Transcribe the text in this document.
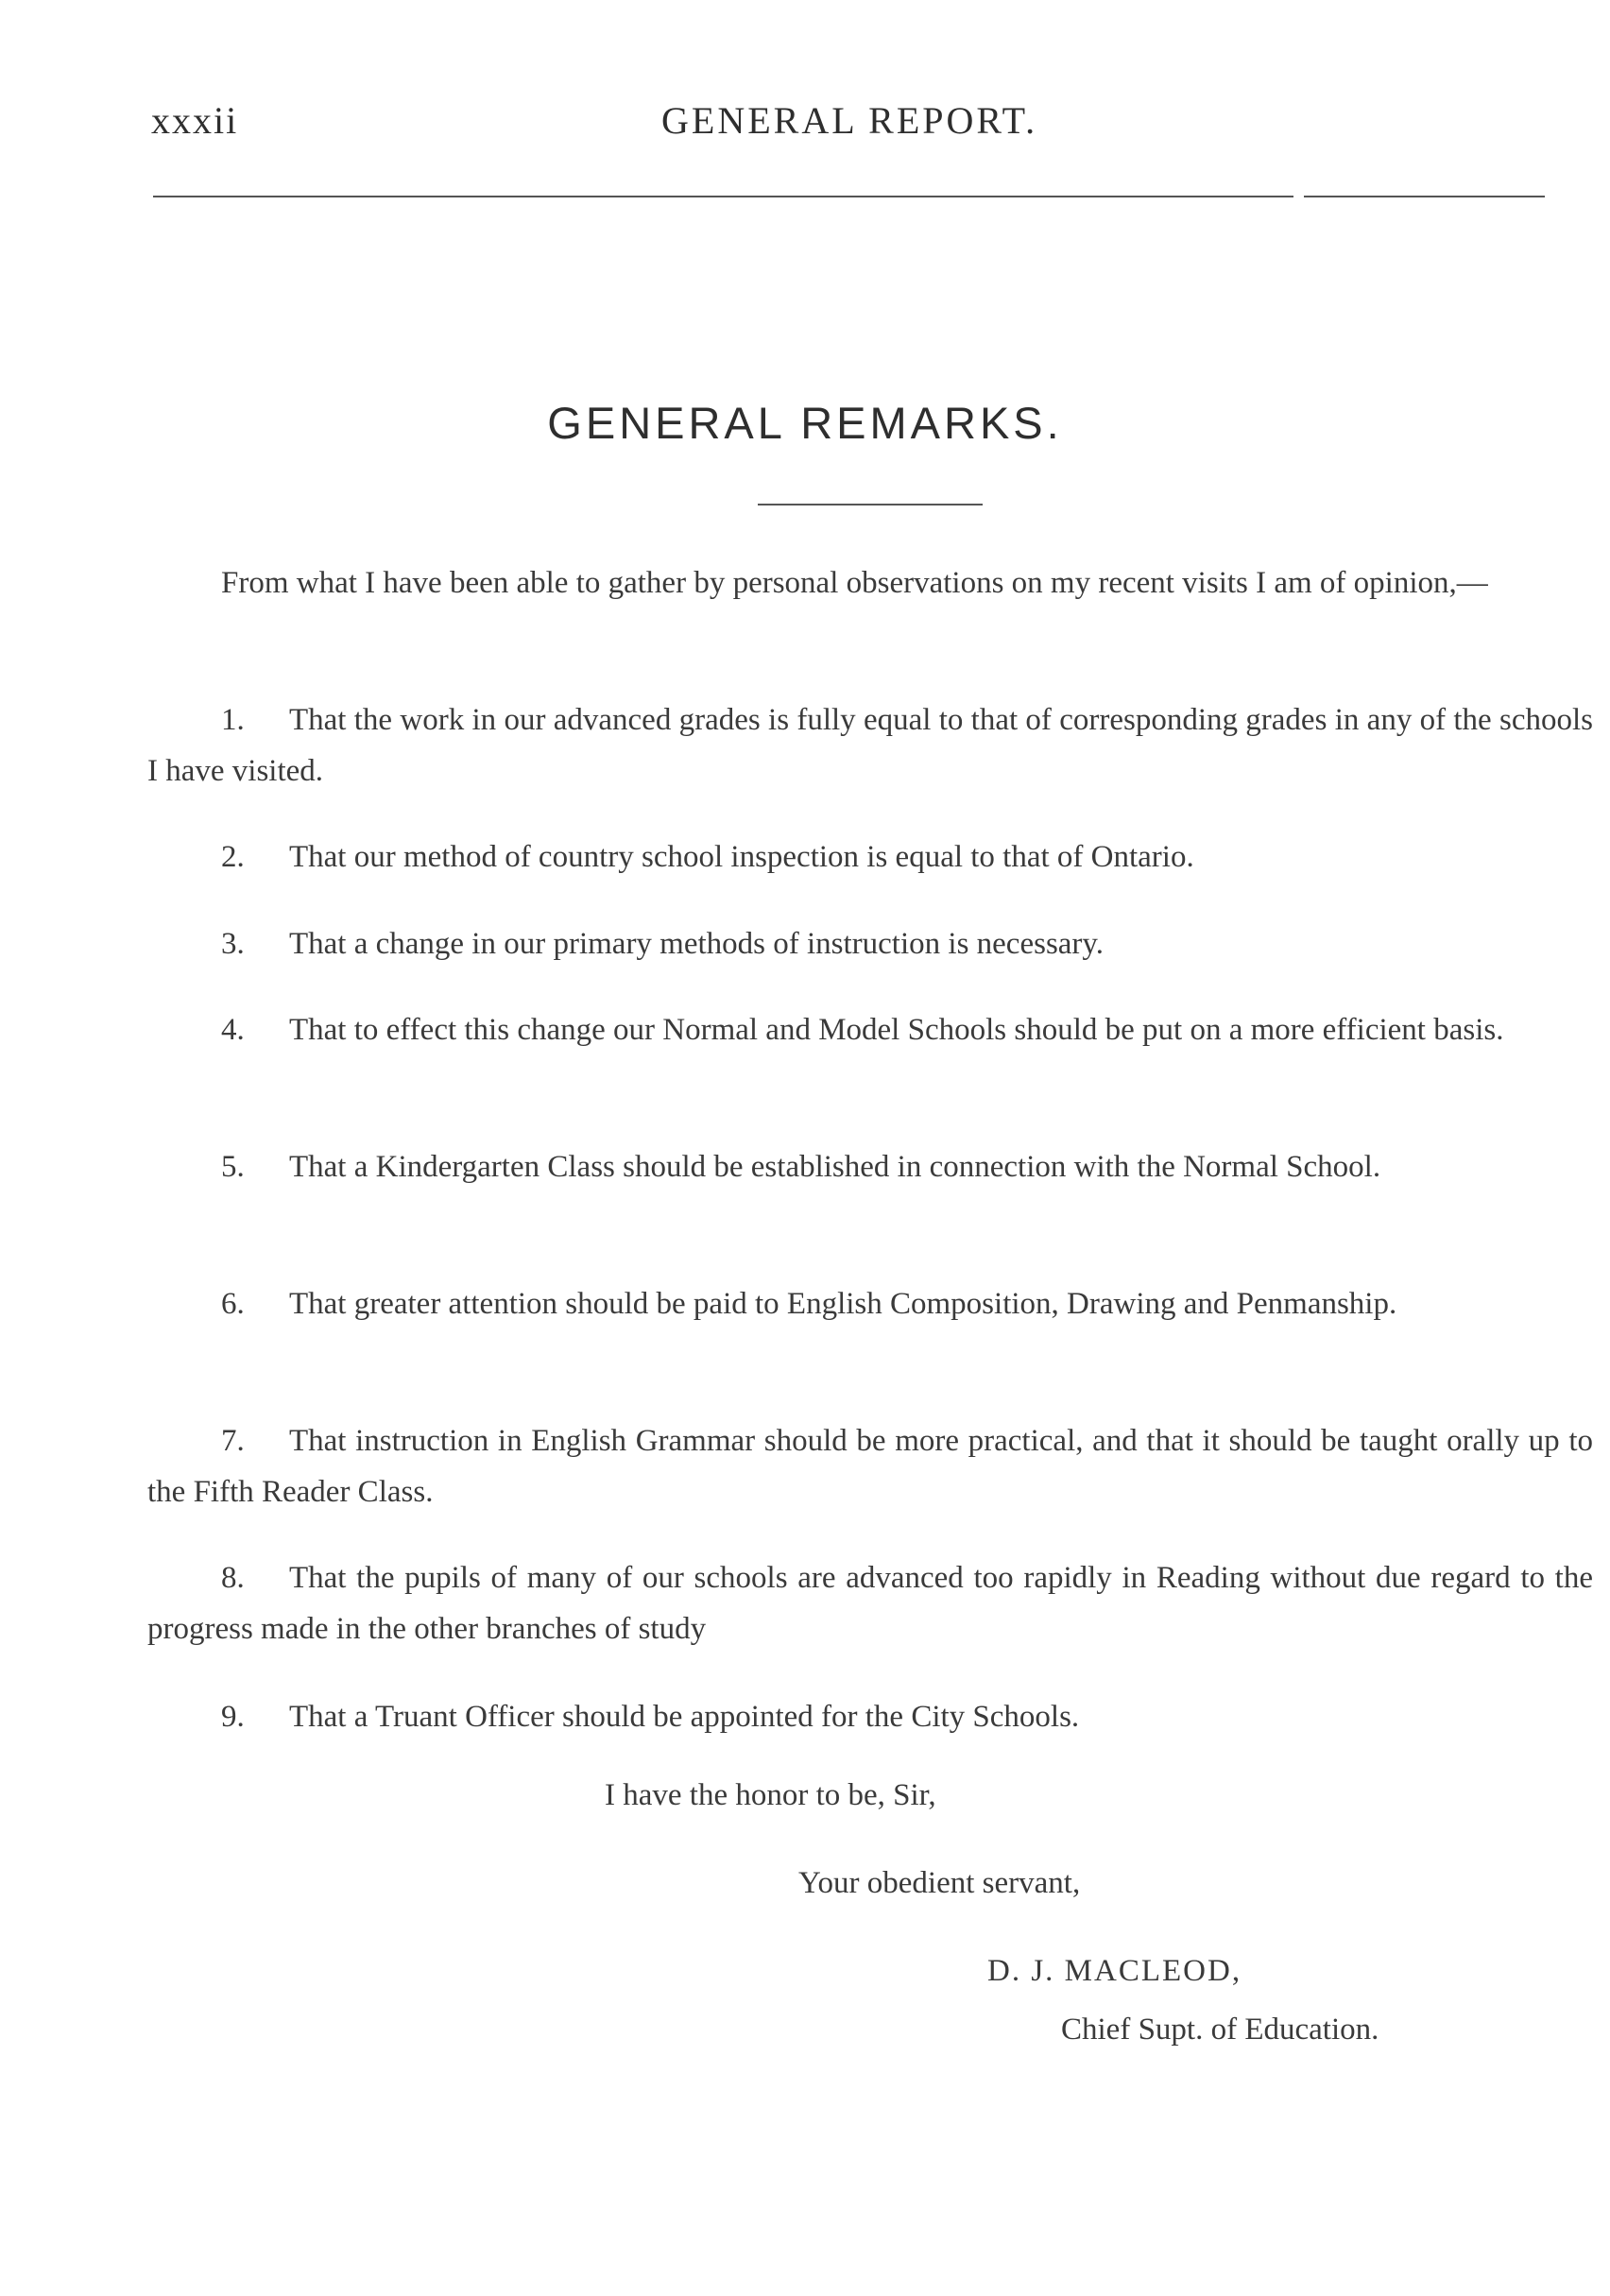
xxxii	GENERAL REPORT.
GENERAL REMARKS.

From what I have been able to gather by personal observations on my recent visits I am of opinion,—

1. That the work in our advanced grades is fully equal to that of corresponding grades in any of the schools I have visited.

2. That our method of country school inspection is equal to that of Ontario.

3. That a change in our primary methods of instruction is necessary.

4. That to effect this change our Normal and Model Schools should be put on a more efficient basis.

5. That a Kindergarten Class should be established in connection with the Normal School.

6. That greater attention should be paid to English Composition, Drawing and Penmanship.

7. That instruction in English Grammar should be more practical, and that it should be taught orally up to the Fifth Reader Class.

8. That the pupils of many of our schools are advanced too rapidly in Reading without due regard to the progress made in the other branches of study

9. That a Truant Officer should be appointed for the City Schools.

I have the honor to be, Sir,
Your obedient servant,
D. J. MACLEOD,
Chief Supt. of Education.
